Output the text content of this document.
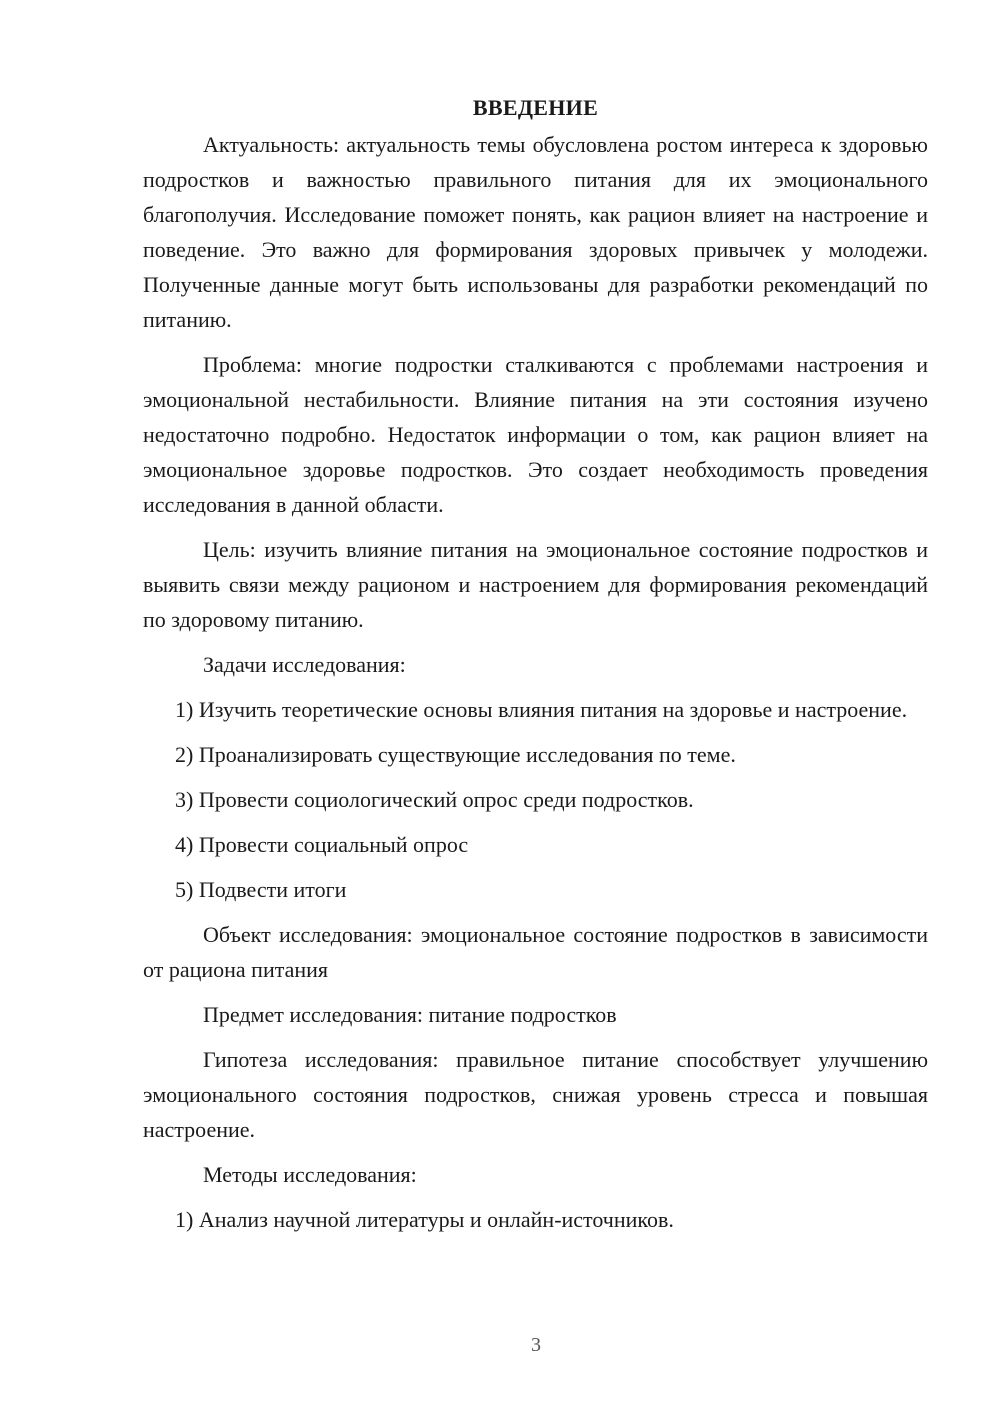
ВВЕДЕНИЕ

Актуальность: актуальность темы обусловлена ростом интереса к здоровью подростков и важностью правильного питания для их эмоционального благополучия. Исследование поможет понять, как рацион влияет на настроение и поведение. Это важно для формирования здоровых привычек у молодежи. Полученные данные могут быть использованы для разработки рекомендаций по питанию.

Проблема: многие подростки сталкиваются с проблемами настроения и эмоциональной нестабильности. Влияние питания на эти состояния изучено недостаточно подробно. Недостаток информации о том, как рацион влияет на эмоциональное здоровье подростков. Это создает необходимость проведения исследования в данной области.

Цель: изучить влияние питания на эмоциональное состояние подростков и выявить связи между рационом и настроением для формирования рекомендаций по здоровому питанию.

Задачи исследования:

1) Изучить теоретические основы влияния питания на здоровье и настроение.

2) Проанализировать существующие исследования по теме.

3) Провести социологический опрос среди подростков.

4) Провести социальный опрос

5) Подвести итоги

Объект исследования: эмоциональное состояние подростков в зависимости от рациона питания

Предмет исследования: питание подростков

Гипотеза исследования: правильное питание способствует улучшению эмоционального состояния подростков, снижая уровень стресса и повышая настроение.

Методы исследования:

1) Анализ научной литературы и онлайн-источников.

3
